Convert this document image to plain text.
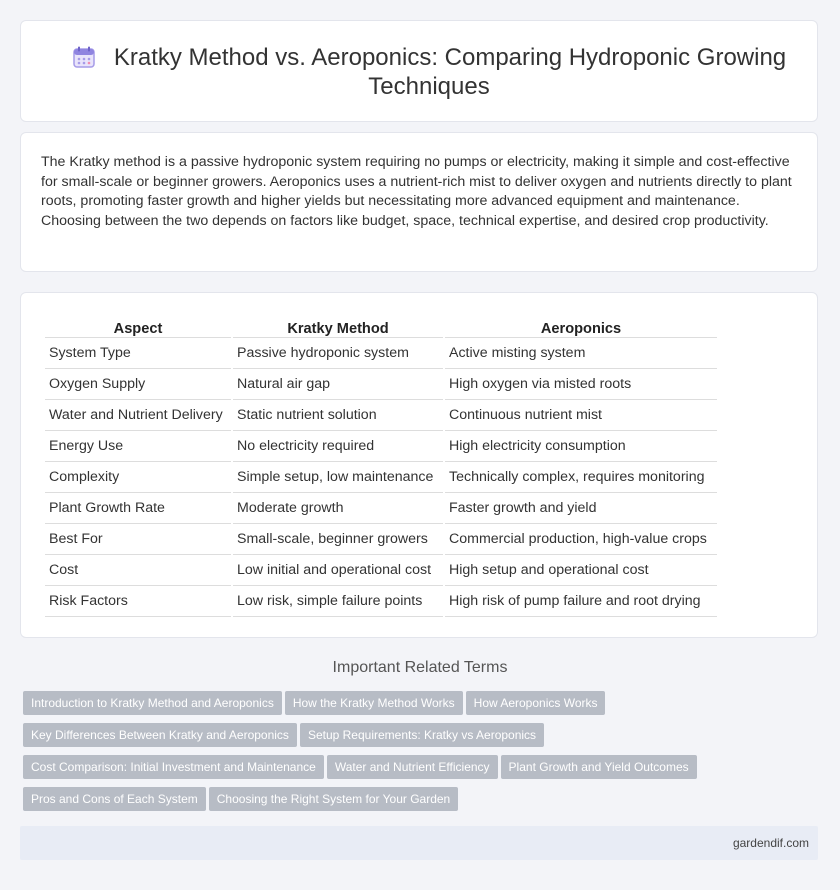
Kratky Method vs. Aeroponics: Comparing Hydroponic Growing Techniques

The Kratky method is a passive hydroponic system requiring no pumps or electricity, making it simple and cost-effective for small-scale or beginner growers. Aeroponics uses a nutrient-rich mist to deliver oxygen and nutrients directly to plant roots, promoting faster growth and higher yields but necessitating more advanced equipment and maintenance. Choosing between the two depends on factors like budget, space, technical expertise, and desired crop productivity.

Aspect	Kratky Method	Aeroponics
System Type	Passive hydroponic system	Active misting system
Oxygen Supply	Natural air gap	High oxygen via misted roots
Water and Nutrient Delivery	Static nutrient solution	Continuous nutrient mist
Energy Use	No electricity required	High electricity consumption
Complexity	Simple setup, low maintenance	Technically complex, requires monitoring
Plant Growth Rate	Moderate growth	Faster growth and yield
Best For	Small-scale, beginner growers	Commercial production, high-value crops
Cost	Low initial and operational cost	High setup and operational cost
Risk Factors	Low risk, simple failure points	High risk of pump failure and root drying
Important Related Terms
Introduction to Kratky Method and Aeroponics How the Kratky Method Works How Aeroponics Works
Key Differences Between Kratky and Aeroponics Setup Requirements: Kratky vs Aeroponics
Cost Comparison: Initial Investment and Maintenance Water and Nutrient Efficiency Plant Growth and Yield Outcomes
Pros and Cons of Each System Choosing the Right System for Your Garden
gardendif.com
